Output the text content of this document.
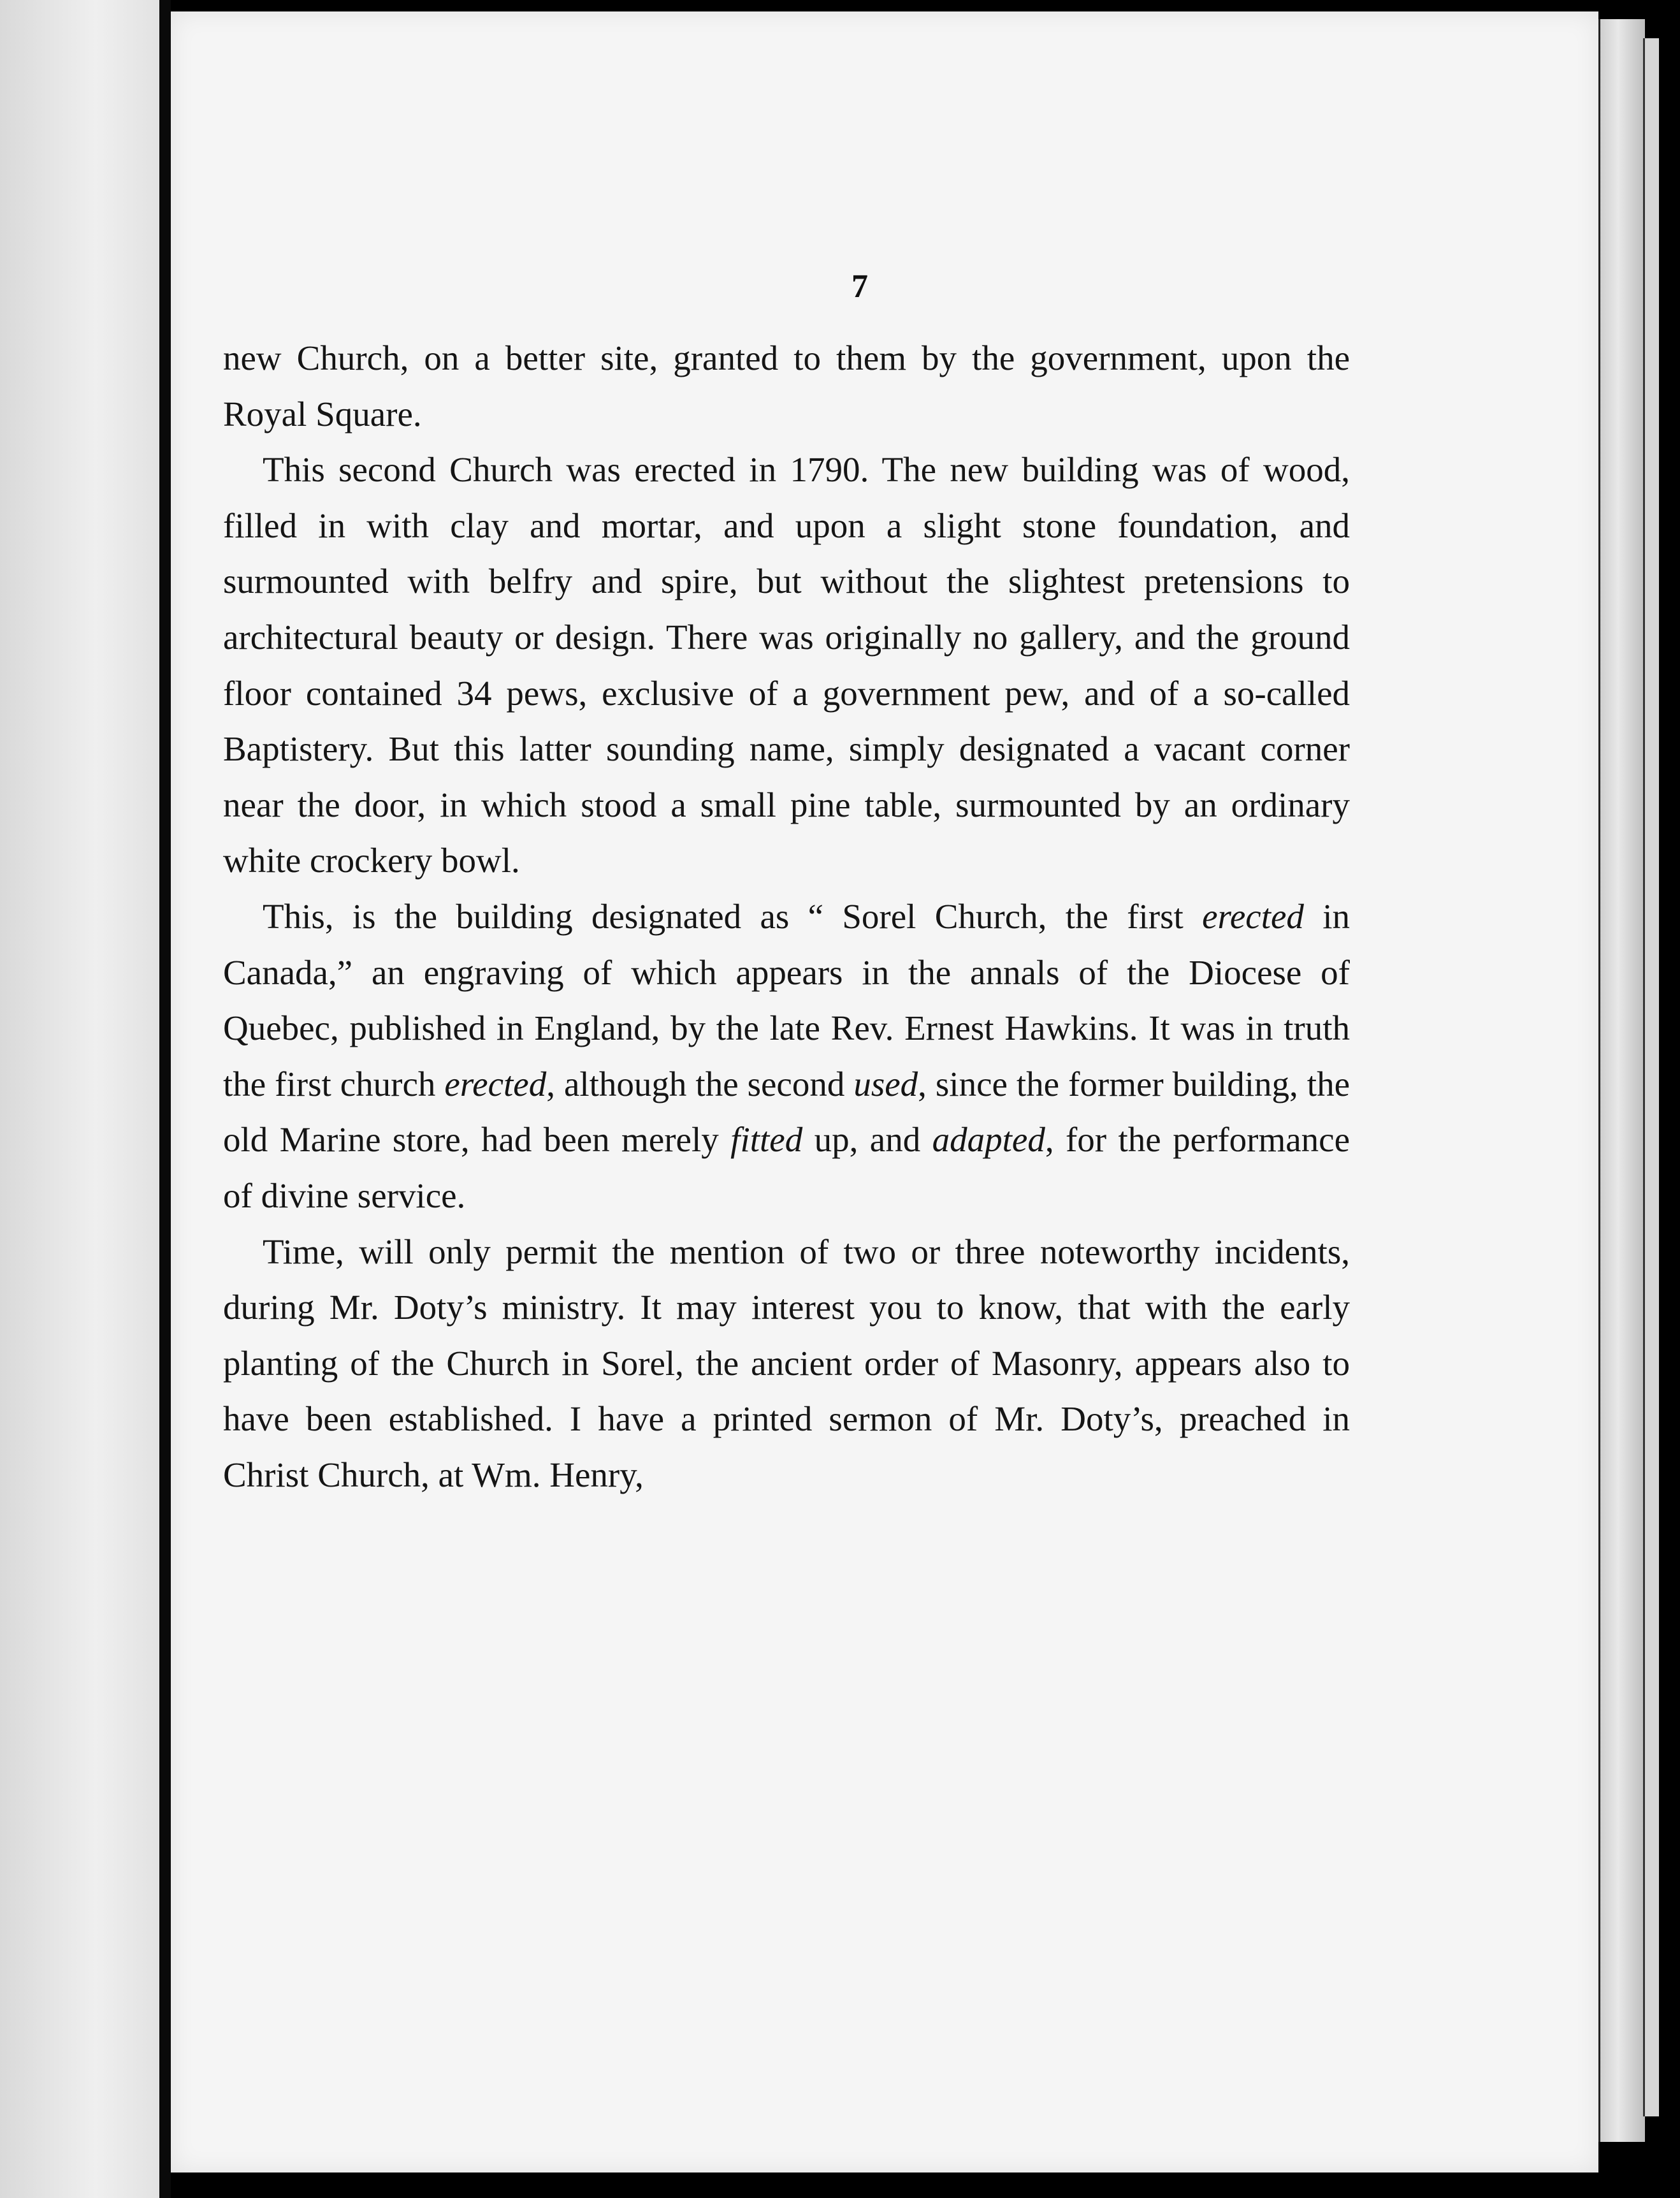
7

new Church, on a better site, granted to them by the government, upon the Royal Square.

This second Church was erected in 1790. The new building was of wood, filled in with clay and mortar, and upon a slight stone foundation, and surmounted with belfry and spire, but without the slightest pretensions to architectural beauty or design. There was originally no gallery, and the ground floor contained 34 pews, exclusive of a government pew, and of a so-called Baptistery. But this latter sounding name, simply designated a vacant corner near the door, in which stood a small pine table, surmounted by an ordinary white crockery bowl.

This, is the building designated as “ Sorel Church, the first erected in Canada,” an engraving of which appears in the annals of the Diocese of Quebec, published in England, by the late Rev. Ernest Hawkins. It was in truth the first church erected, although the second used, since the former building, the old Marine store, had been merely fitted up, and adapted, for the performance of divine service.

Time, will only permit the mention of two or three noteworthy incidents, during Mr. Doty’s ministry. It may interest you to know, that with the early planting of the Church in Sorel, the ancient order of Masonry, appears also to have been established. I have a printed sermon of Mr. Doty’s, preached in Christ Church, at Wm. Henry,
